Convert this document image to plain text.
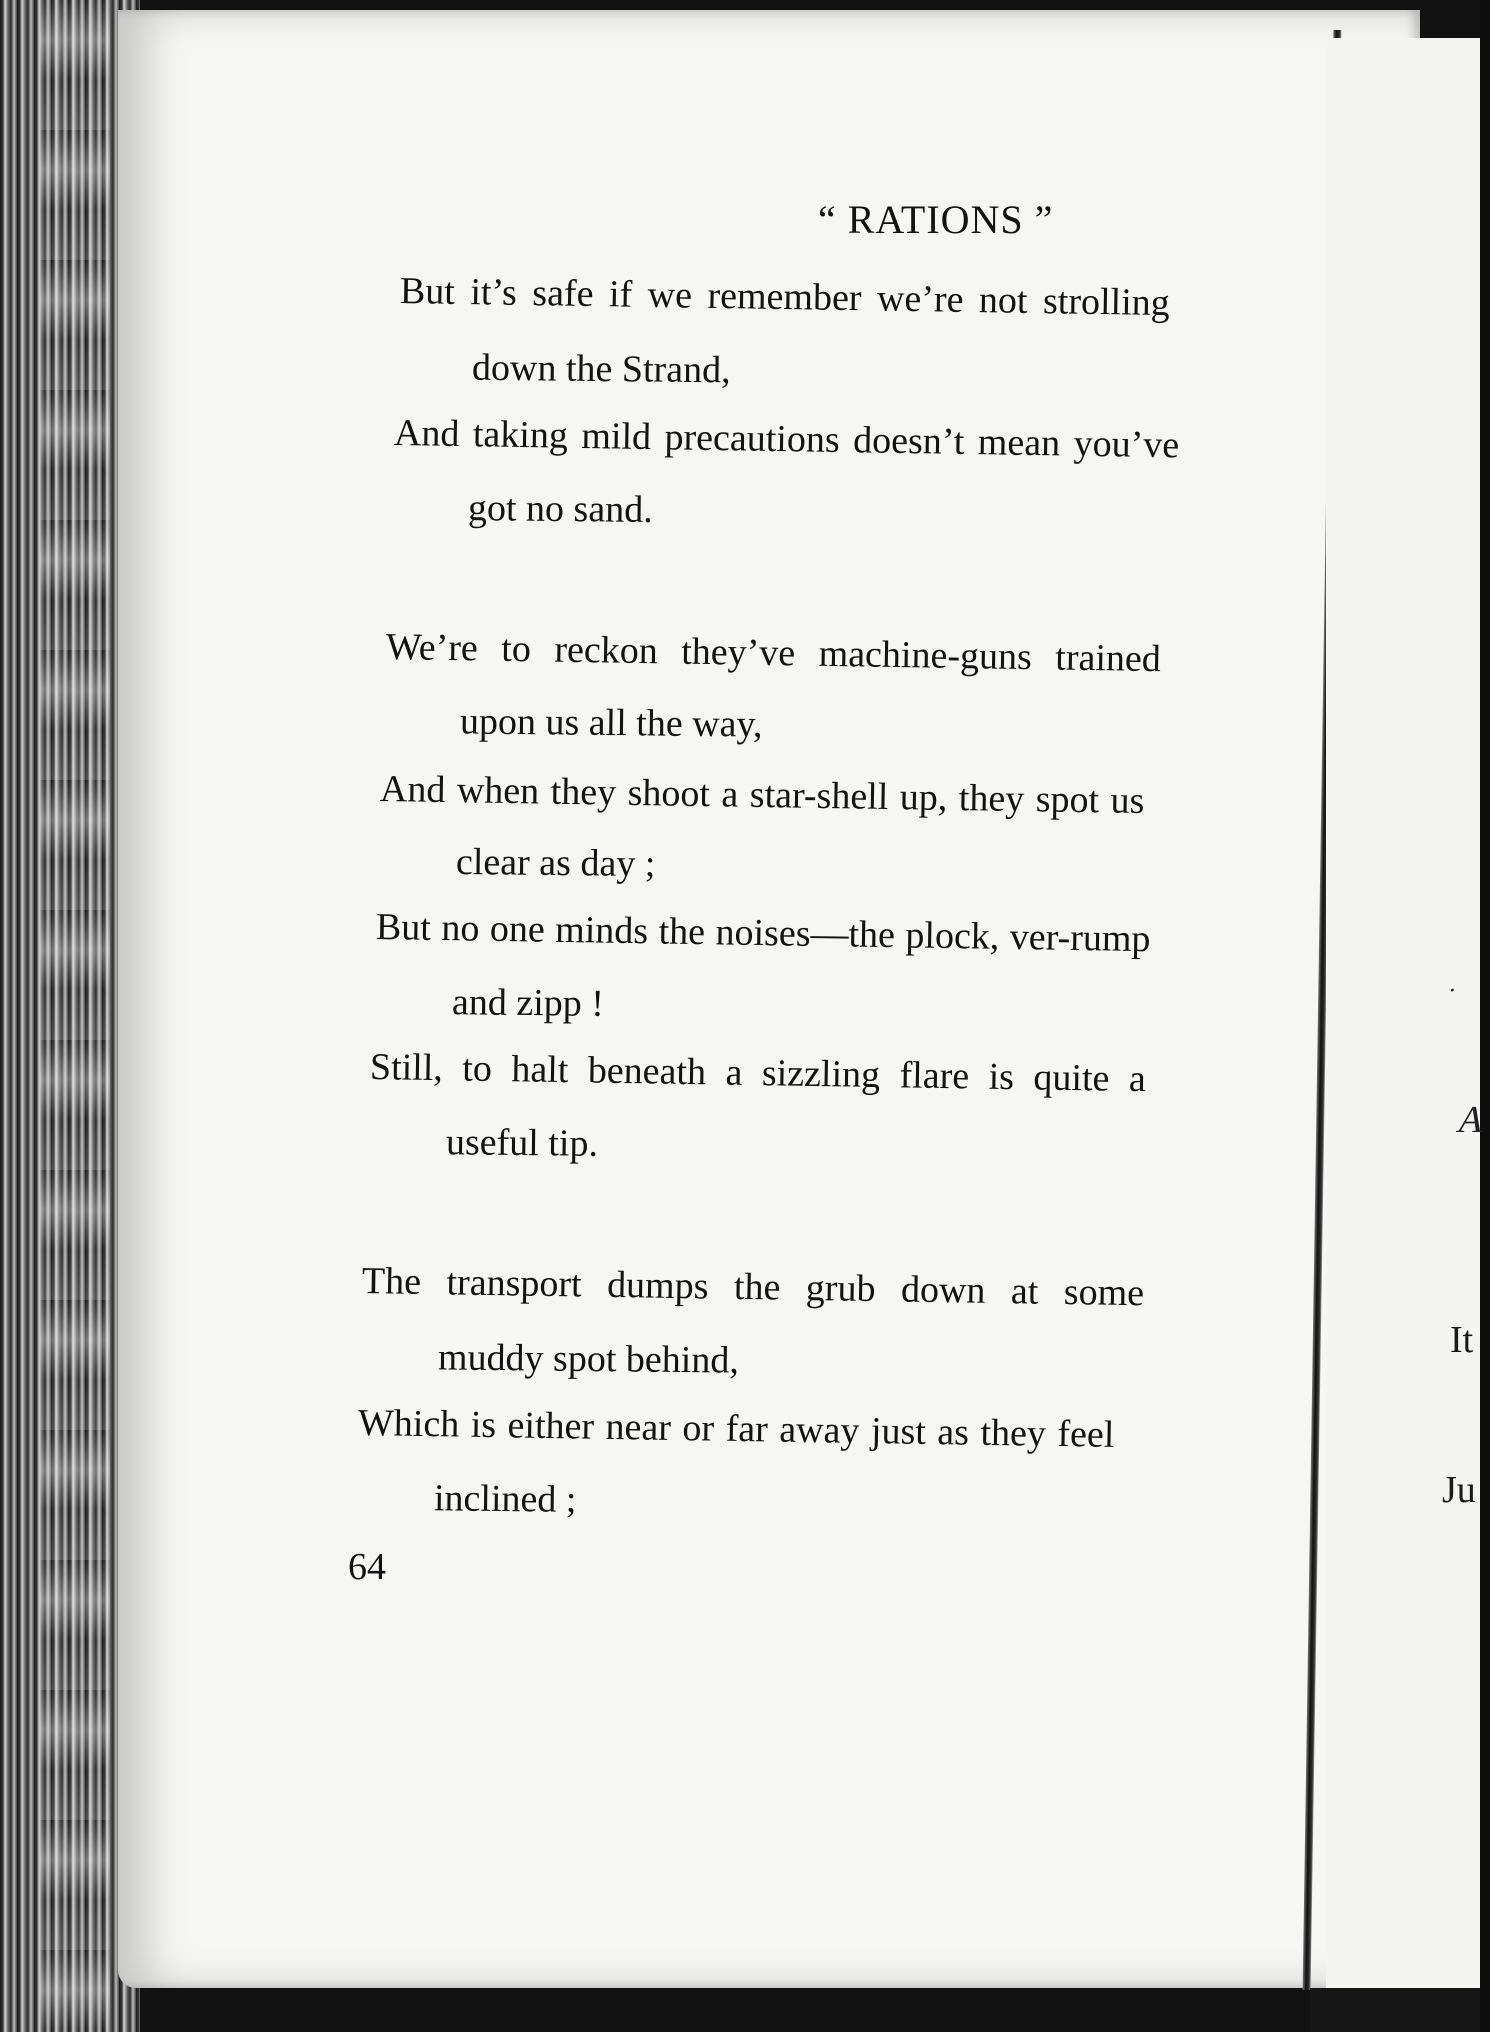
“ RATIONS ”
But it’s safe if we remember we’re not strolling
down the Strand,
And taking mild precautions doesn’t mean you’ve
got no sand.
We’re to reckon they’ve machine-guns trained
upon us all the way,
And when they shoot a star-shell up, they spot us
clear as day ;
But no one minds the noises—the plock, ver-rump
and zipp !
Still, to halt beneath a sizzling flare is quite a
useful tip.
The transport dumps the grub down at some
muddy spot behind,
Which is either near or far away just as they feel
inclined ;
64
·
A
It
Ju
